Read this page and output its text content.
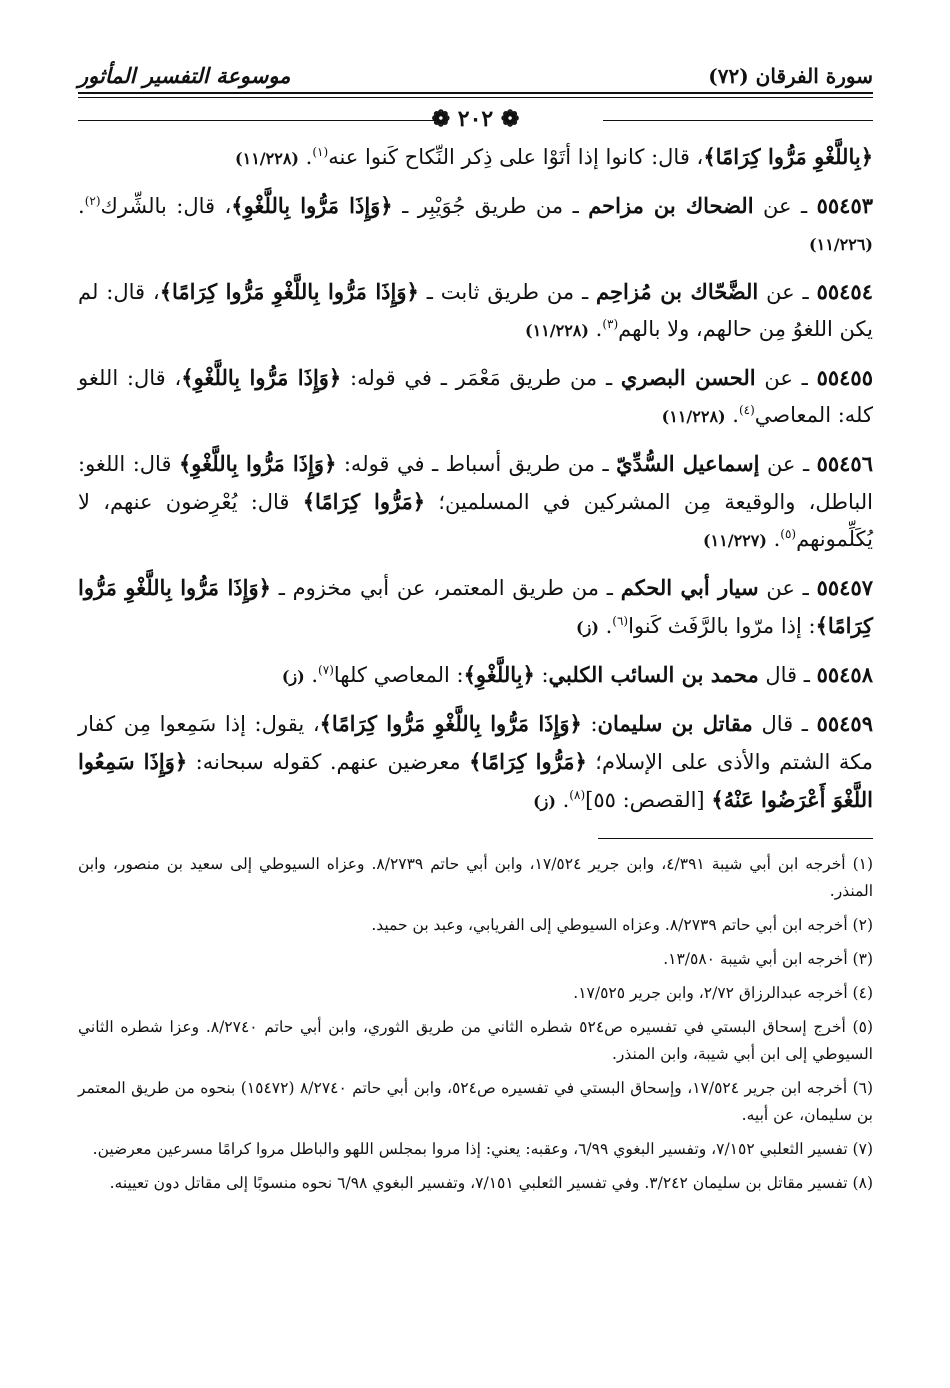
سورة الفرقان (٧٢)
موسوعة التفسير المأثور
❁ ٢٠٢ ❁

﴿بِاللَّغْوِ مَرُّوا كِرَامًا﴾، قال: كانوا إذا أتَوْا على ذِكر النِّكاح كَنوا عنه$^{(١)}$. (١١/٢٢٨)

٥٥٤٥٣ ـ عن الضحاك بن مزاحم ـ من طريق جُوَيْبِر ـ ﴿وَإِذَا مَرُّوا بِاللَّغْوِ﴾، قال: بالشِّرك$^{(٢)}$. (١١/٢٢٦)

٥٥٤٥٤ ـ عن الضَّحّاك بن مُزاحِم ـ من طريق ثابت ـ ﴿وَإِذَا مَرُّوا بِاللَّغْوِ مَرُّوا كِرَامًا﴾، قال: لم يكن اللغوُ مِن حالهم، ولا بالهم$^{(٣)}$. (١١/٢٢٨)

٥٥٤٥٥ ـ عن الحسن البصري ـ من طريق مَعْمَر ـ في قوله: ﴿وَإِذَا مَرُّوا بِاللَّغْوِ﴾، قال: اللغو كله: المعاصي$^{(٤)}$. (١١/٢٢٨)

٥٥٤٥٦ ـ عن إسماعيل السُّدِّيّ ـ من طريق أسباط ـ في قوله: ﴿وَإِذَا مَرُّوا بِاللَّغْوِ﴾ قال: اللغو: الباطل، والوقيعة مِن المشركين في المسلمين؛ ﴿مَرُّوا كِرَامًا﴾ قال: يُعْرِضون عنهم، لا يُكَلِّمونهم$^{(٥)}$. (١١/٢٢٧)

٥٥٤٥٧ ـ عن سيار أبي الحكم ـ من طريق المعتمر، عن أبي مخزوم ـ ﴿وَإِذَا مَرُّوا بِاللَّغْوِ مَرُّوا كِرَامًا﴾: إذا مرّوا بالرَّفَث كَنوا$^{(٦)}$. (ز)

٥٥٤٥٨ ـ قال محمد بن السائب الكلبي: ﴿بِاللَّغْوِ﴾: المعاصي كلها$^{(٧)}$. (ز)

٥٥٤٥٩ ـ قال مقاتل بن سليمان: ﴿وَإِذَا مَرُّوا بِاللَّغْوِ مَرُّوا كِرَامًا﴾، يقول: إذا سَمِعوا مِن كفار مكة الشتم والأذى على الإسلام؛ ﴿مَرُّوا كِرَامًا﴾ معرضين عنهم. كقوله سبحانه: ﴿وَإِذَا سَمِعُوا اللَّغْوَ أَعْرَضُوا عَنْهُ﴾ [القصص: ٥٥]$^{(٨)}$. (ز)

(١) أخرجه ابن أبي شيبة ٤/٣٩١، وابن جرير ١٧/٥٢٤، وابن أبي حاتم ٨/٢٧٣٩. وعزاه السيوطي إلى سعيد بن منصور، وابن المنذر.

(٢) أخرجه ابن أبي حاتم ٨/٢٧٣٩. وعزاه السيوطي إلى الفريابي، وعبد بن حميد.

(٣) أخرجه ابن أبي شيبة ١٣/٥٨٠.

(٤) أخرجه عبدالرزاق ٢/٧٢، وابن جرير ١٧/٥٢٥.

(٥) أخرج إسحاق البستي في تفسيره ص٥٢٤ شطره الثاني من طريق الثوري، وابن أبي حاتم ٨/٢٧٤٠. وعزا شطره الثاني السيوطي إلى ابن أبي شيبة، وابن المنذر.

(٦) أخرجه ابن جرير ١٧/٥٢٤، وإسحاق البستي في تفسيره ص٥٢٤، وابن أبي حاتم ٨/٢٧٤٠ (١٥٤٧٢) بنحوه من طريق المعتمر بن سليمان، عن أبيه.

(٧) تفسير الثعلبي ٧/١٥٢، وتفسير البغوي ٦/٩٩، وعقبه: يعني: إذا مروا بمجلس اللهو والباطل مروا كرامًا مسرعين معرضين.

(٨) تفسير مقاتل بن سليمان ٣/٢٤٢. وفي تفسير الثعلبي ٧/١٥١، وتفسير البغوي ٦/٩٨ نحوه منسوبًا إلى مقاتل دون تعيينه.
